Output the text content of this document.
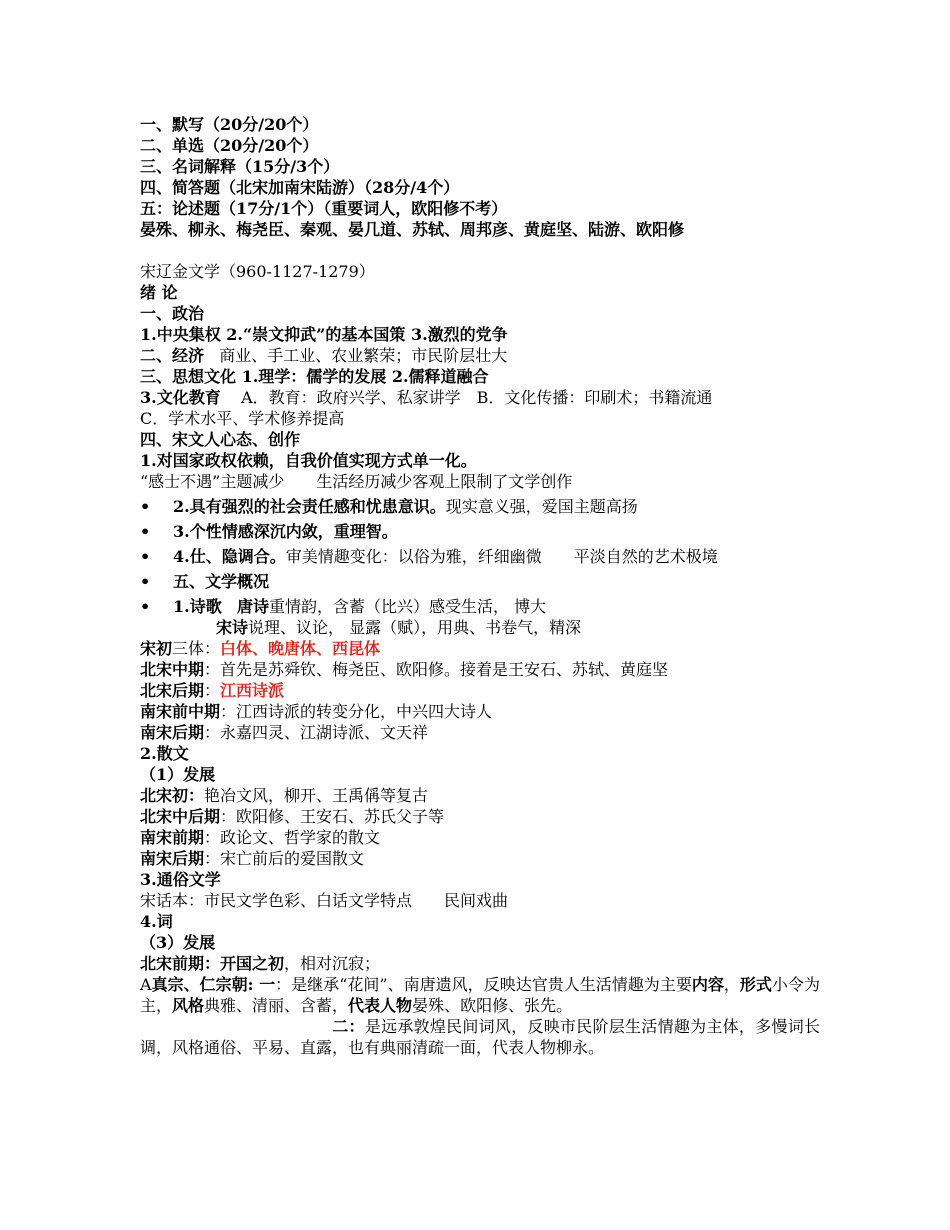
一、默写（20分/20个）
二、单选（20分/20个）
三、名词解释（15分/3个）
四、简答题（北宋加南宋陆游）（28分/4个）
五：论述题（17分/1个）（重要词人，欧阳修不考）
晏殊、柳永、梅尧臣、秦观、晏几道、苏轼、周邦彦、黄庭坚、陆游、欧阳修
宋辽金文学（960-1127-1279）
绪 论
一、政治
1.中央集权 2.“崇文抑武”的基本国策 3.激烈的党争
二、经济 商业、手工业、农业繁荣；市民阶层壮大
三、思想文化 1.理学：儒学的发展 2.儒释道融合
3.文化教育 A．教育：政府兴学、私家讲学　B．文化传播：印刷术；书籍流通
C．学术水平、学术修养提高
四、宋文人心态、创作
1.对国家政权依赖，自我价值实现方式单一化。
“感士不遇”主题减少　　生活经历减少客观上限制了文学创作
• 2.具有强烈的社会责任感和忧患意识。现实意义强，爱国主题高扬
• 3.个性情感深沉内敛，重理智。
• 4.仕、隐调合。审美情趣变化：以俗为雅，纤细幽微　　平淡自然的艺术极境
• 五、文学概况
• 1.诗歌 唐诗重情韵，含蓄（比兴）感受生活， 博大
宋诗说理、议论， 显露（赋），用典、书卷气，精深
宋初三体：白体、晚唐体、西昆体
北宋中期：首先是苏舜钦、梅尧臣、欧阳修。接着是王安石、苏轼、黄庭坚
北宋后期：江西诗派
南宋前中期：江西诗派的转变分化，中兴四大诗人
南宋后期：永嘉四灵、江湖诗派、文天祥
2.散文
（1）发展
北宋初：艳冶文风，柳开、王禹偁等复古
北宋中后期：欧阳修、王安石、苏氏父子等
南宋前期：政论文、哲学家的散文
南宋后期：宋亡前后的爱国散文
3.通俗文学
宋话本：市民文学色彩、白话文学特点　　民间戏曲
4.词
（3）发展
北宋前期：开国之初，相对沉寂；
A真宗、仁宗朝: 一：是继承“花间”、南唐遗风，反映达官贵人生活情趣为主要内容，形式小令为主，风格典雅、清丽、含蓄，代表人物晏殊、欧阳修、张先。
二：是远承敦煌民间词风，反映市民阶层生活情趣为主体，多慢词长调，风格通俗、平易、直露，也有典丽清疏一面，代表人物柳永。
